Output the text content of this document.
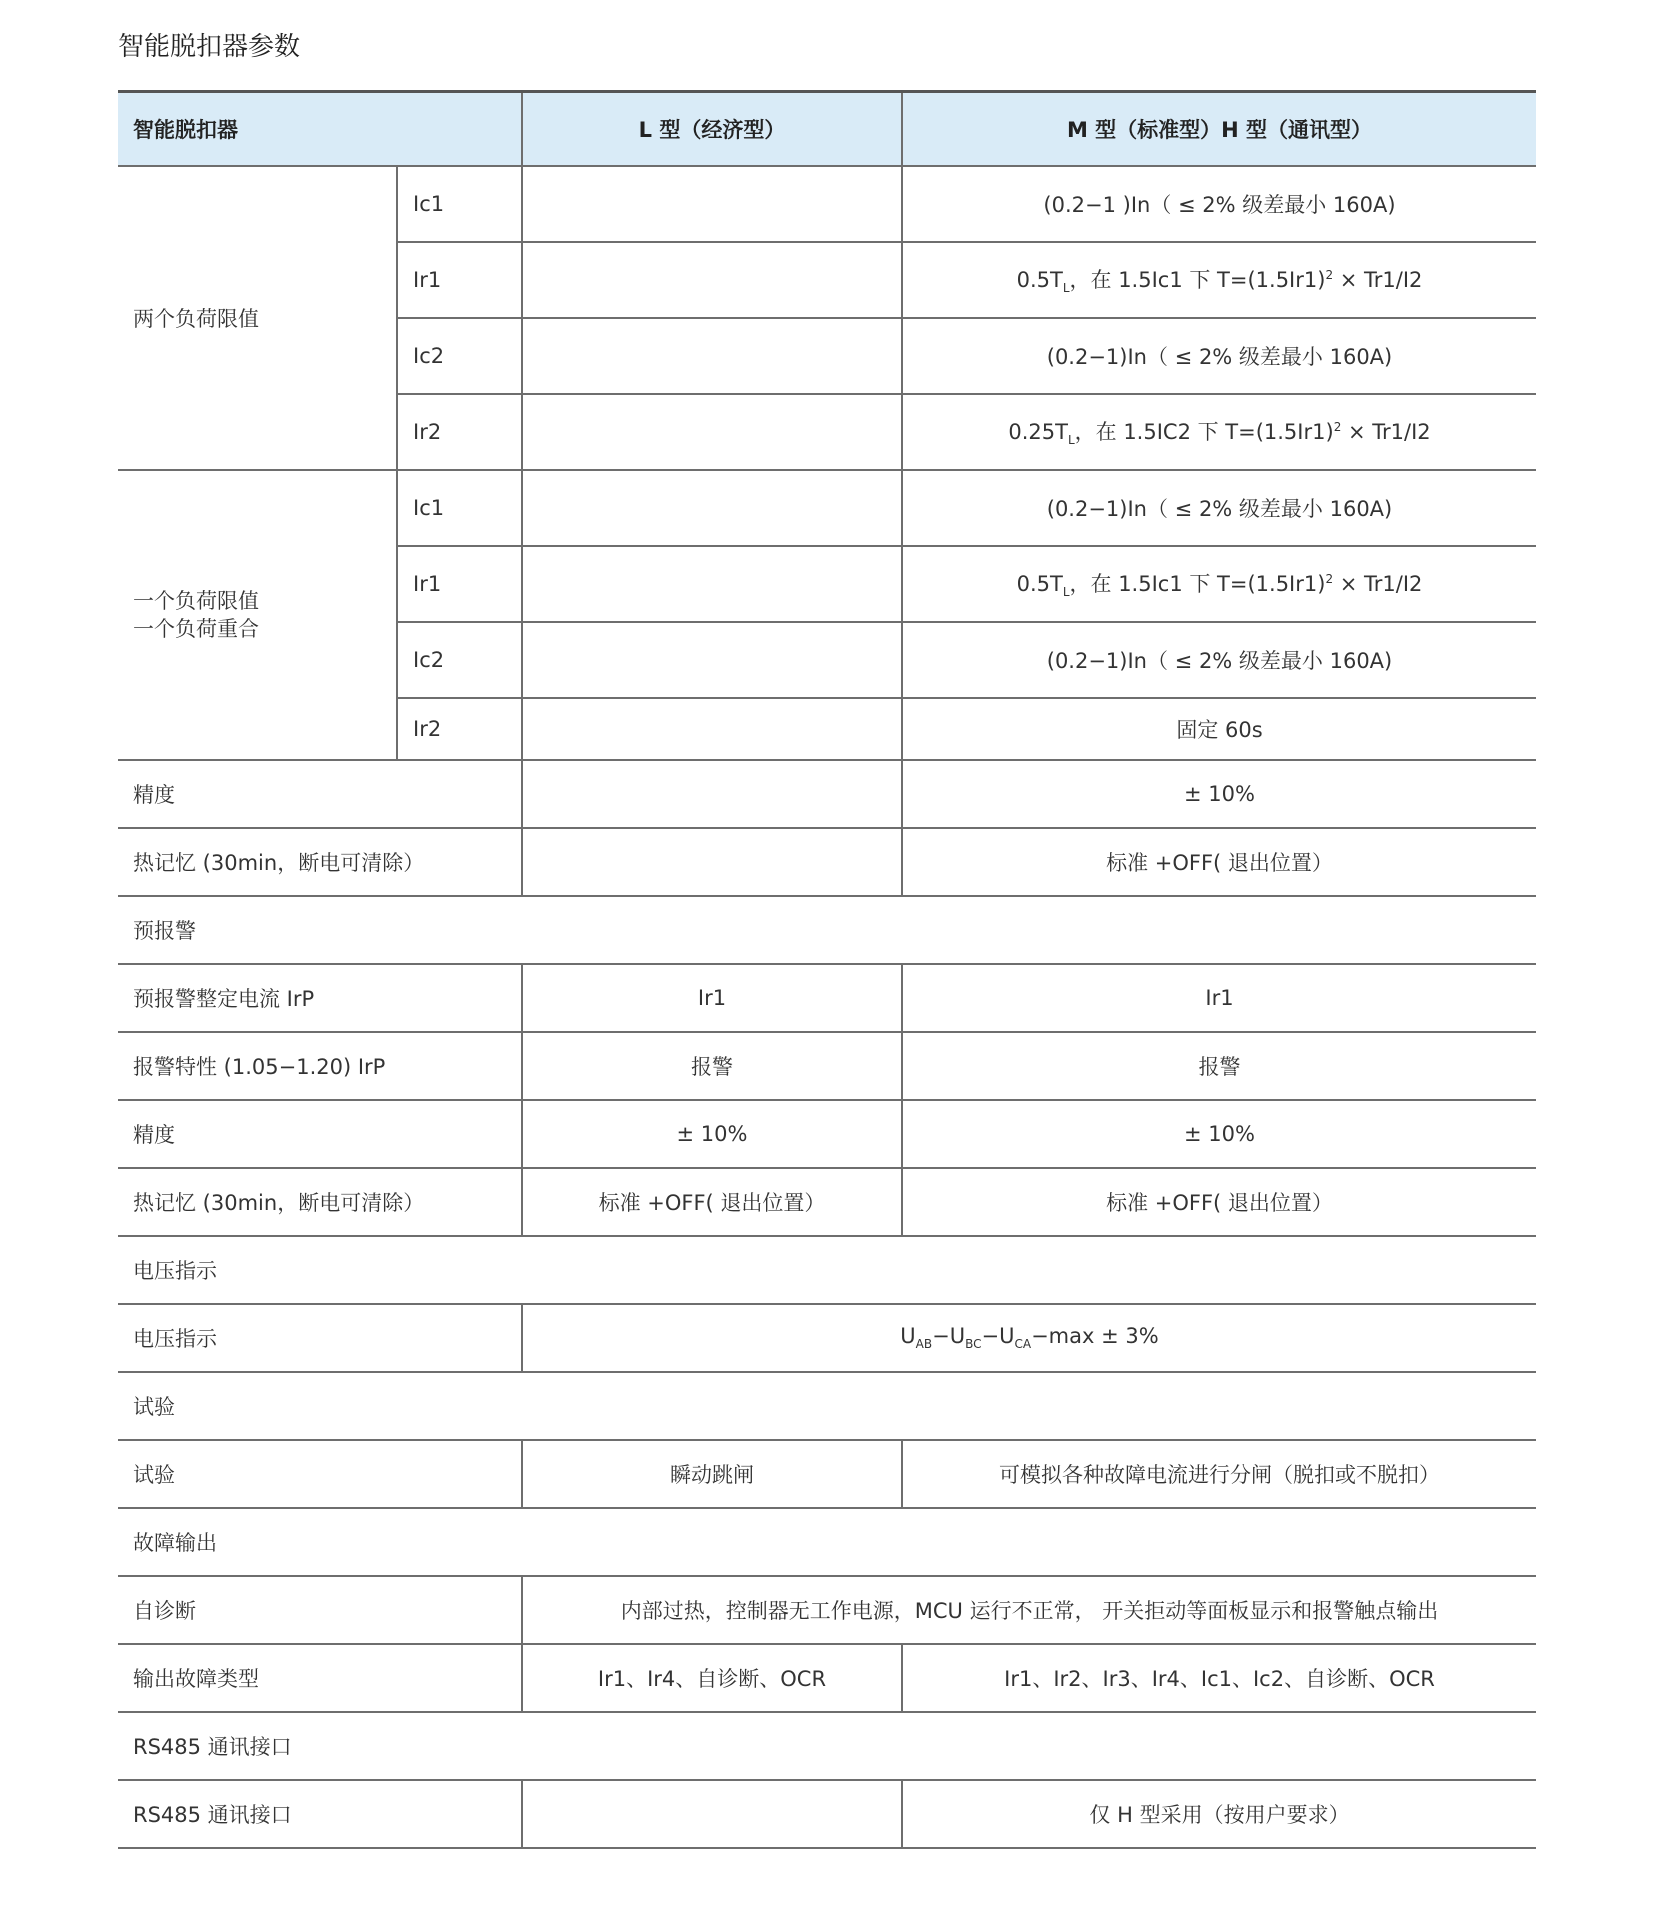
智能脱扣器参数
智能脱扣器		L 型（经济型）	M 型（标准型）H 型（通讯型）
两个负荷限值	Ic1		(0.2−1 )In（ ≤ 2% 级差最小 160A)
	Ir1		$0.5T_L$，在 1.5Ic1 下 $T=(1.5Ir1)^2 \times Tr1/I2$
	Ic2		(0.2−1)In（ ≤ 2% 级差最小 160A)
	Ir2		$0.25T_L$，在 1.5IC2 下 $T=(1.5Ir1)^2 \times Tr1/I2$

一个负荷限值
一个负荷重合	Ic1		(0.2−1)In（ ≤ 2% 级差最小 160A)
	Ir1		$0.5T_L$，在 1.5Ic1 下 $T=(1.5Ir1)^2 \times Tr1/I2$
	Ic2		(0.2−1)In（ ≤ 2% 级差最小 160A)
	Ir2		固定 60s
精度			± 10%
热记忆 (30min，断电可清除）			标准 +OFF( 退出位置）
预报警			
预报警整定电流 IrP		Ir1	Ir1
报警特性 (1.05−1.20) IrP		报警	报警
精度		± 10%	± 10%
热记忆 (30min，断电可清除）		标准 +OFF( 退出位置）	标准 +OFF( 退出位置）
电压指示			
电压指示		$U_{AB}-U_{BC}-U_{CA}-\max \pm 3\%$	
试验			
试验		瞬动跳闸	可模拟各种故障电流进行分闸（脱扣或不脱扣）
故障输出			
自诊断		内部过热，控制器无工作电源，MCU 运行不正常， 开关拒动等面板显示和报警触点输出	
输出故障类型		Ir1、Ir4、自诊断、OCR	Ir1、Ir2、Ir3、Ir4、Ic1、Ic2、自诊断、OCR
RS485 通讯接口			
RS485 通讯接口			仅 H 型采用（按用户要求）
